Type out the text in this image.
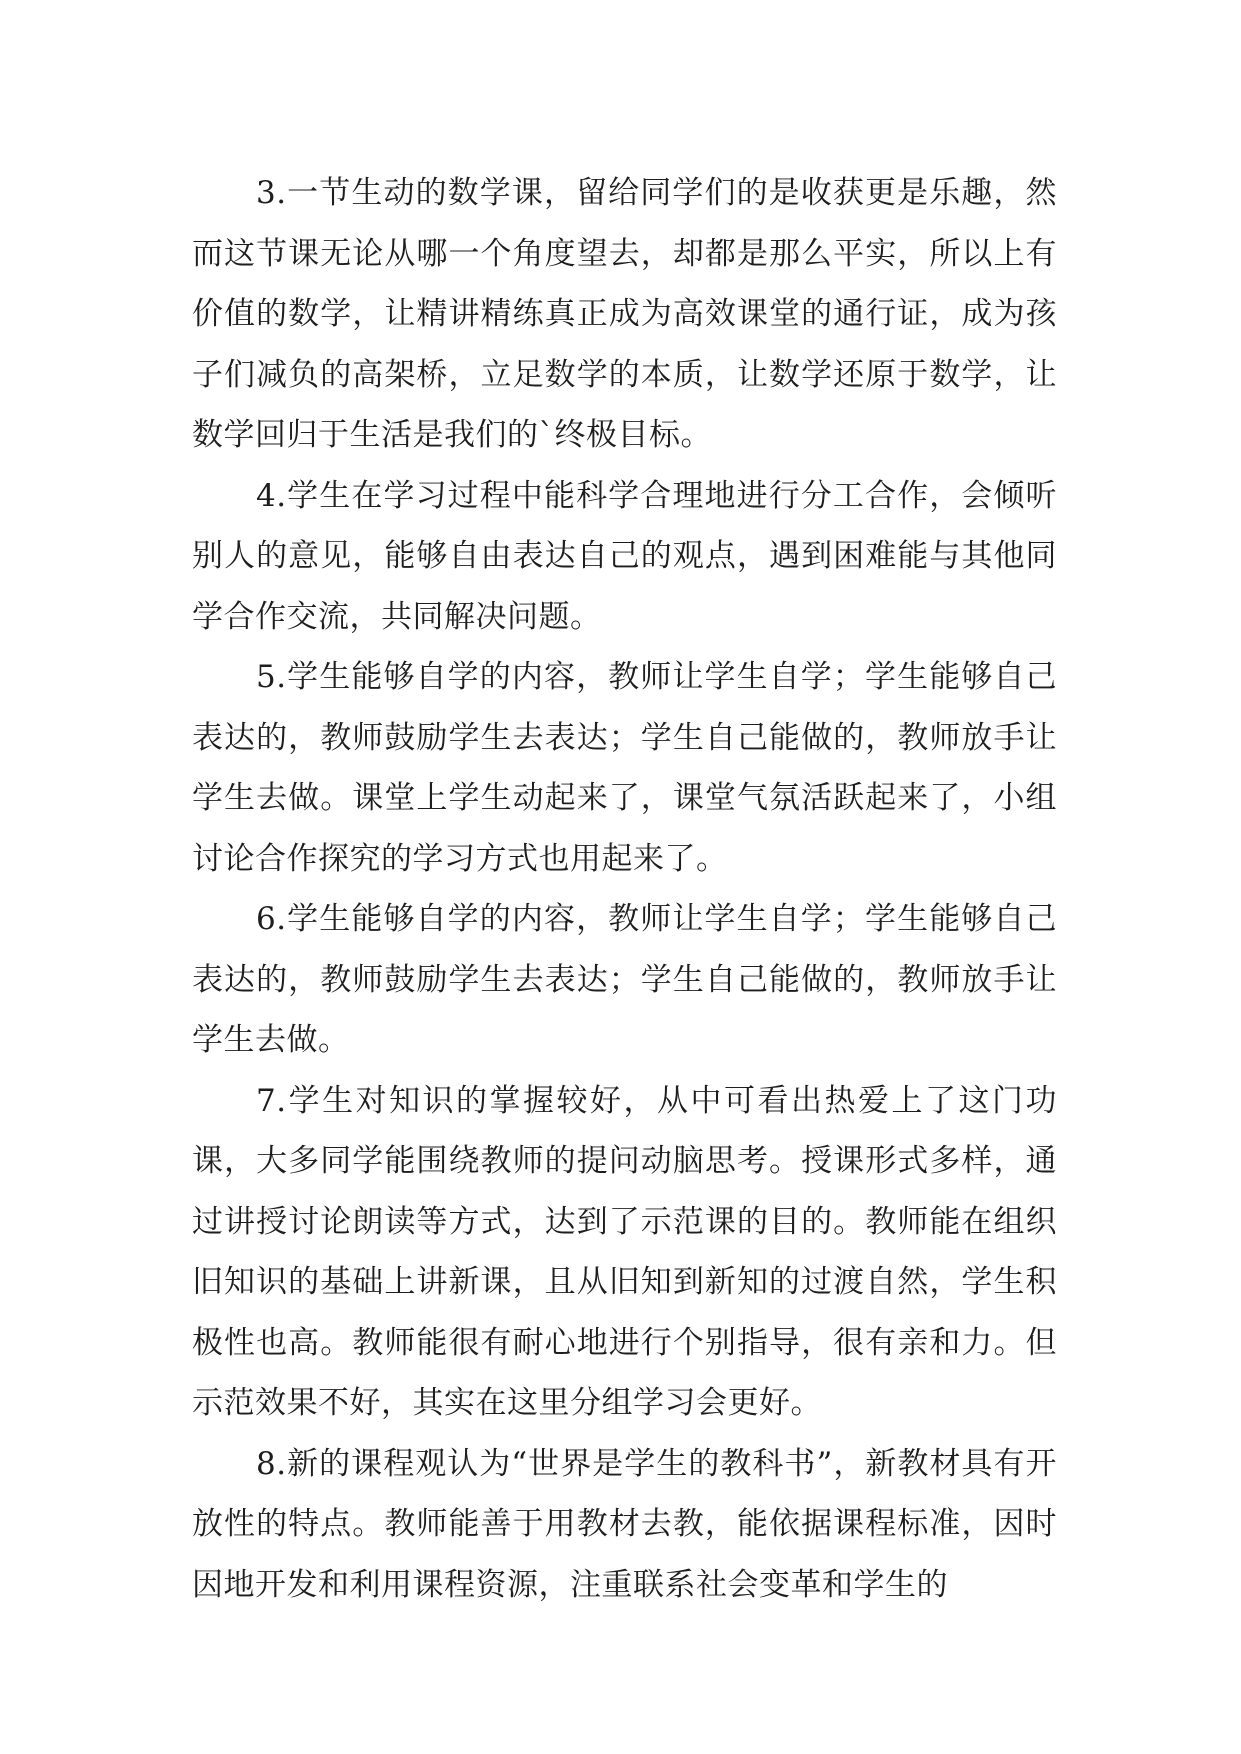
3.一节生动的数学课，留给同学们的是收获更是乐趣，然而这节课无论从哪一个角度望去，却都是那么平实，所以上有价值的数学，让精讲精练真正成为高效课堂的通行证，成为孩子们减负的高架桥，立足数学的本质，让数学还原于数学，让数学回归于生活是我们的`终极目标。

4.学生在学习过程中能科学合理地进行分工合作，会倾听别人的意见，能够自由表达自己的观点，遇到困难能与其他同学合作交流，共同解决问题。

5.学生能够自学的内容，教师让学生自学；学生能够自己表达的，教师鼓励学生去表达；学生自己能做的，教师放手让学生去做。课堂上学生动起来了，课堂气氛活跃起来了，小组讨论合作探究的学习方式也用起来了。

6.学生能够自学的内容，教师让学生自学；学生能够自己表达的，教师鼓励学生去表达；学生自己能做的，教师放手让学生去做。

7.学生对知识的掌握较好，从中可看出热爱上了这门功课，大多同学能围绕教师的提问动脑思考。授课形式多样，通过讲授讨论朗读等方式，达到了示范课的目的。教师能在组织旧知识的基础上讲新课，且从旧知到新知的过渡自然，学生积极性也高。教师能很有耐心地进行个别指导，很有亲和力。但示范效果不好，其实在这里分组学习会更好。

8.新的课程观认为“世界是学生的教科书”，新教材具有开放性的特点。教师能善于用教材去教，能依据课程标准，因时因地开发和利用课程资源，注重联系社会变革和学生的
